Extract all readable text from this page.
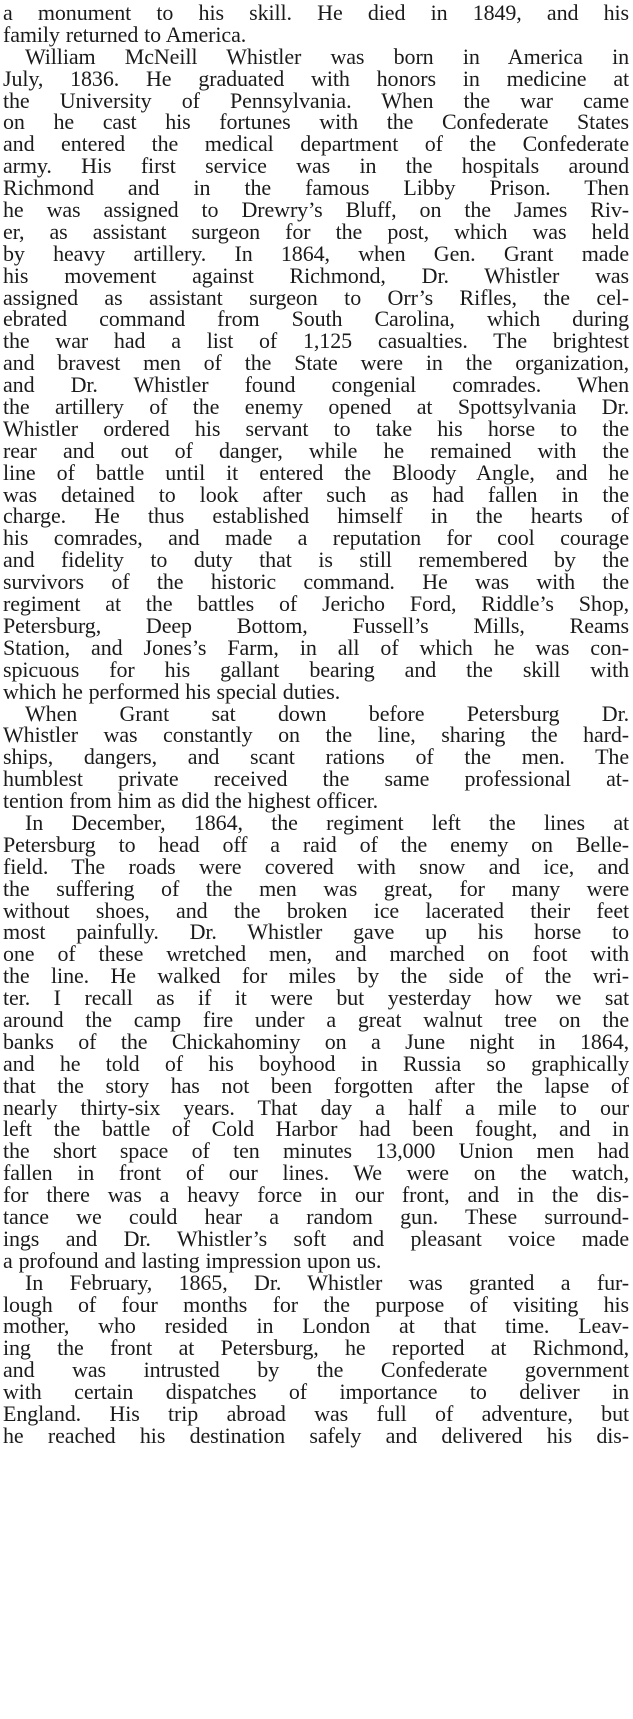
a monument to his skill. He died in 1849, and his
family returned to America.
William McNeill Whistler was born in America in
July, 1836. He graduated with honors in medicine at
the University of Pennsylvania. When the war came
on he cast his fortunes with the Confederate States
and entered the medical department of the Confederate
army. His first service was in the hospitals around
Richmond and in the famous Libby Prison. Then
he was assigned to Drewry’s Bluff, on the James Riv-
er, as assistant surgeon for the post, which was held
by heavy artillery. In 1864, when Gen. Grant made
his movement against Richmond, Dr. Whistler was
assigned as assistant surgeon to Orr’s Rifles, the cel-
ebrated command from South Carolina, which during
the war had a list of 1,125 casualties. The brightest
and bravest men of the State were in the organization,
and Dr. Whistler found congenial comrades. When
the artillery of the enemy opened at Spottsylvania Dr.
Whistler ordered his servant to take his horse to the
rear and out of danger, while he remained with the
line of battle until it entered the Bloody Angle, and he
was detained to look after such as had fallen in the
charge. He thus established himself in the hearts of
his comrades, and made a reputation for cool courage
and fidelity to duty that is still remembered by the
survivors of the historic command. He was with the
regiment at the battles of Jericho Ford, Riddle’s Shop,
Petersburg, Deep Bottom, Fussell’s Mills, Reams
Station, and Jones’s Farm, in all of which he was con-
spicuous for his gallant bearing and the skill with
which he performed his special duties.
When Grant sat down before Petersburg Dr.
Whistler was constantly on the line, sharing the hard-
ships, dangers, and scant rations of the men. The
humblest private received the same professional at-
tention from him as did the highest officer.
In December, 1864, the regiment left the lines at
Petersburg to head off a raid of the enemy on Belle-
field. The roads were covered with snow and ice, and
the suffering of the men was great, for many were
without shoes, and the broken ice lacerated their feet
most painfully. Dr. Whistler gave up his horse to
one of these wretched men, and marched on foot with
the line. He walked for miles by the side of the wri-
ter. I recall as if it were but yesterday how we sat
around the camp fire under a great walnut tree on the
banks of the Chickahominy on a June night in 1864,
and he told of his boyhood in Russia so graphically
that the story has not been forgotten after the lapse of
nearly thirty-six years. That day a half a mile to our
left the battle of Cold Harbor had been fought, and in
the short space of ten minutes 13,000 Union men had
fallen in front of our lines. We were on the watch,
for there was a heavy force in our front, and in the dis-
tance we could hear a random gun. These surround-
ings and Dr. Whistler’s soft and pleasant voice made
a profound and lasting impression upon us.
In February, 1865, Dr. Whistler was granted a fur-
lough of four months for the purpose of visiting his
mother, who resided in London at that time. Leav-
ing the front at Petersburg, he reported at Richmond,
and was intrusted by the Confederate government
with certain dispatches of importance to deliver in
England. His trip abroad was full of adventure, but
he reached his destination safely and delivered his dis-
